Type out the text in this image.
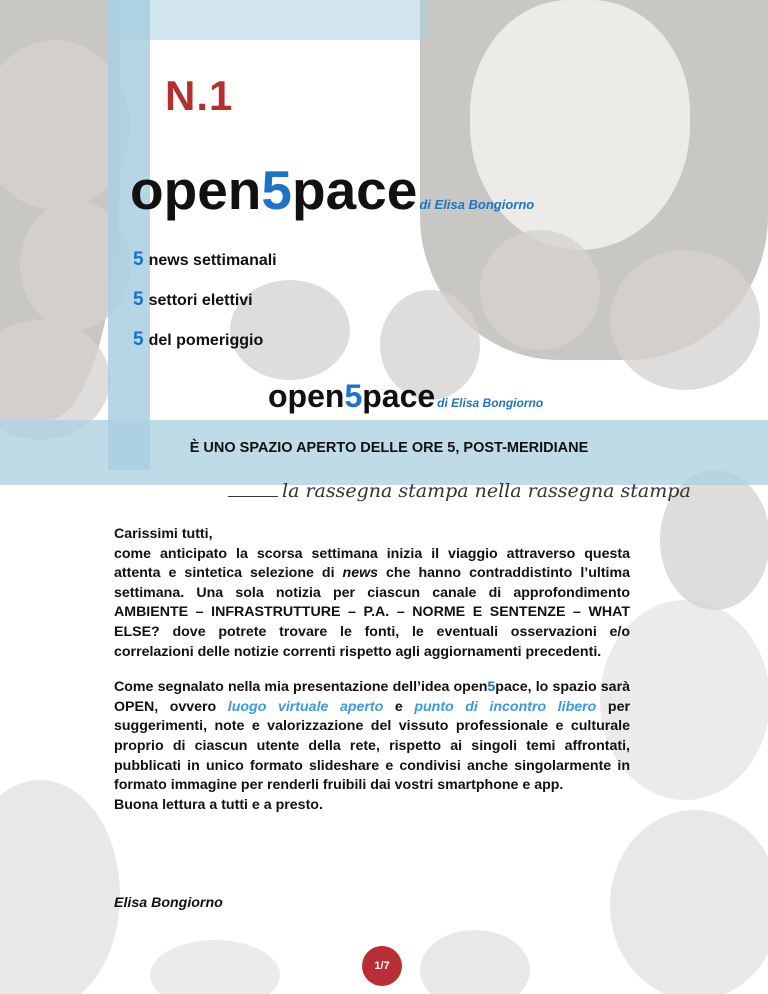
N.1
open5pace di Elisa Bongiorno
5 news settimanali
5 settori elettivi
5 del pomeriggio
open5pace di Elisa Bongiorno
È UNO SPAZIO APERTO DELLE ORE 5, POST-MERIDIANE
la rassegna stampa nella rassegna stampa

Carissimi tutti,

come anticipato la scorsa settimana inizia il viaggio attraverso questa attenta e sintetica selezione di news che hanno contraddistinto l’ultima settimana. Una sola notizia per ciascun canale di approfondimento AMBIENTE – INFRASTRUTTURE – P.A. – NORME E SENTENZE – WHAT ELSE? dove potrete trovare le fonti, le eventuali osservazioni e/o correlazioni delle notizie correnti rispetto agli aggiornamenti precedenti.

Come segnalato nella mia presentazione dell’idea open5pace, lo spazio sarà OPEN, ovvero luogo virtuale aperto e punto di incontro libero per suggerimenti, note e valorizzazione del vissuto professionale e culturale proprio di ciascun utente della rete, rispetto ai singoli temi affrontati, pubblicati in unico formato slideshare e condivisi anche singolarmente in formato immagine per renderli fruibili dai vostri smartphone e app.

Buona lettura a tutti e a presto.

Elisa Bongiorno
1/7
